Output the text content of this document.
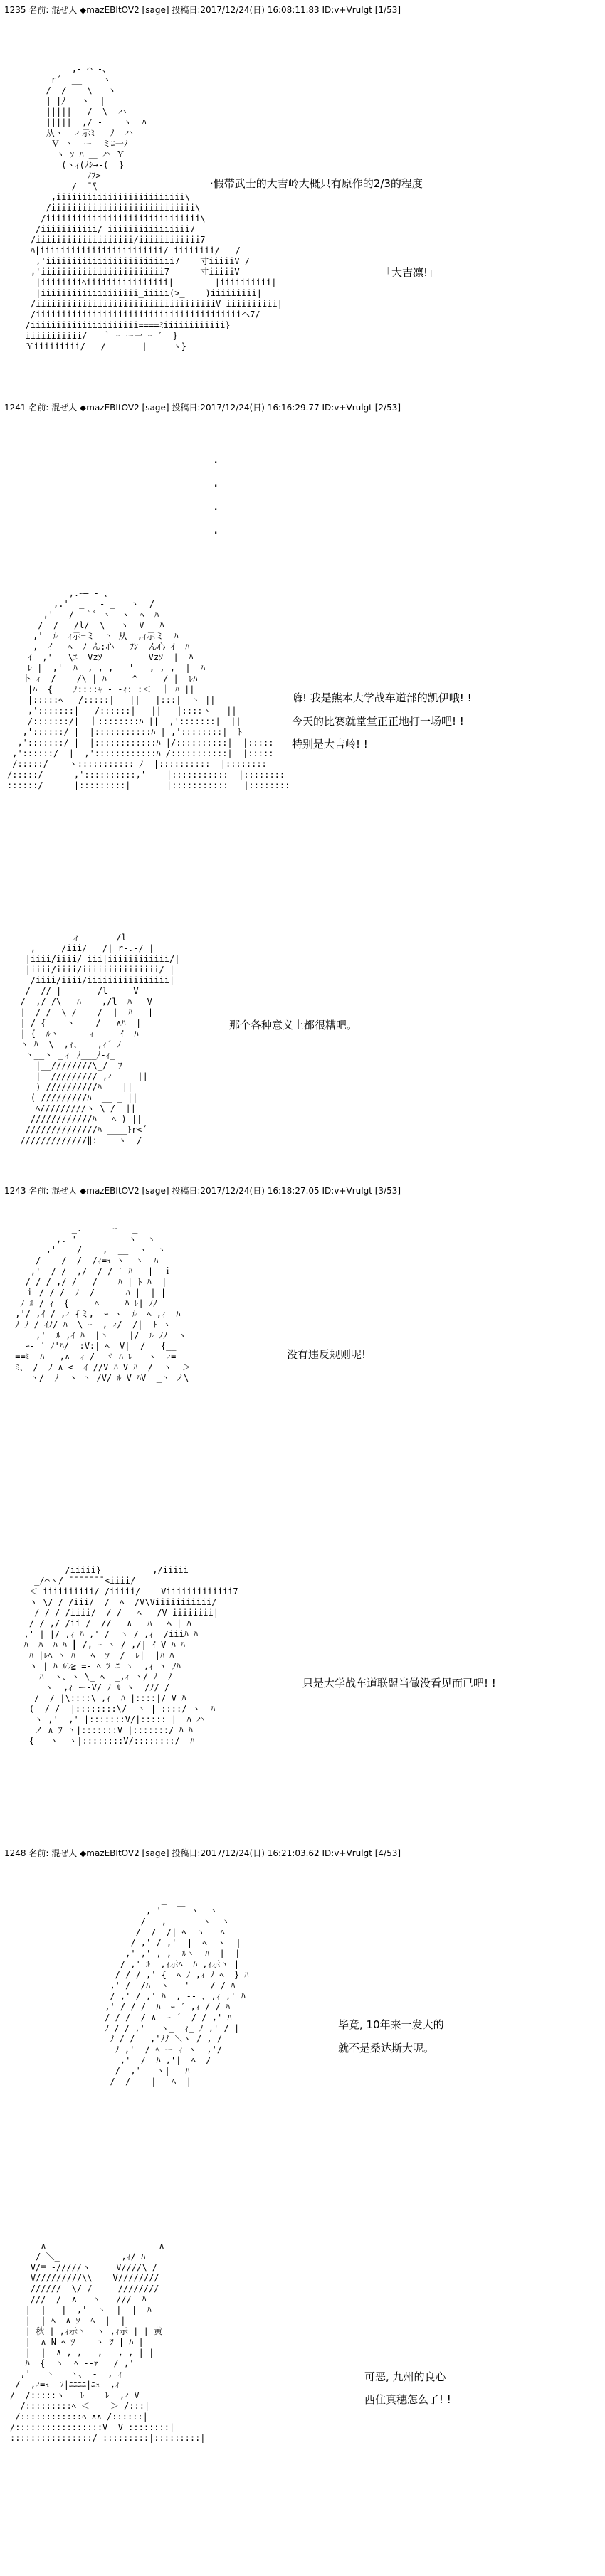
1235 名前: 混ぜ人 ◆mazEBItOV2 [sage] 投稿日:2017/12/24(日) 16:08:11.83 ID:v+Vrulgt [1/53]
,- ⌒ -、
r´  __    ヽ
/  /    \   ヽ
| |ﾉ   ヽ  |
|||||   /  \  ハ
|||||  ,/ -    ヽ  ﾊ
从ヽ  ィ示ﾐ   ﾉ  ハ
Ｖ ヽ  ー  ミﾆ一ﾉ
ヽ ｿ ﾊ ＿ ハ Ｙ
(ヽｨ(ﾉｼ→-(  }
ﾉﾌ>‐-
/  ̄ ̄\
,iiiiiiiiiiiiiiiiiiiiiiiii\
/iiiiiiiiiiiiiiiiiiiiiiiiiiii\
/iiiiiiiiiiiiiiiiiiiiiiiiiiiiii\
/iiiiiiiiiii/ iiiiiiiiiiiiiiii7
/iiiiiiiiiiiiiiiiiii/iiiiiiiiiiii7
ﾊ|iiiiiiiiiiiiiiiiiiiiiiii/ iiiiiiii/   /
,'iiiiiiiiiiiiiiiiiiiiiiiii7    寸iiiiiV /
,'iiiiiiiiiiiiiiiiiiiiiiii7      寸iiiiiV
|iiiiiiiiﾍiiiiiiiiiiiiiiii|        |iiiiiiiiii|
|iiiiiiiiiiiiiiiiiii_iiiii(>_    )iiiiiiiii|
/iiiiiiiiiiiiiiiiiiiiiiiiiiiiiiiiiiiV iiiiiiiiii|
/iiiiiiiiiiiiiiiiiiiiiiiiiiiiiiiiiiiiiiiiヘ7/
/iiiiiiiiiiiiiiiiiiiii====ﾐiiiiiiiiiiii}
iiiiiiiiiii/   ｀ ｰ ー一 ｰ ´  }
Ｙiiiiiiiii/   /       |     ヽ}
·假带武士的大吉岭大概只有原作的2/3的程度
「大吉凛!」
1241 名前: 混ぜ人 ◆mazEBItOV2 [sage] 投稿日:2017/12/24(日) 16:16:29.77 ID:v+Vrulgt [2/53]
.
.
.
.
,.ｰ― - 、
,.'  _   - _   ヽ  /
,'   /  ｀ﾞ ヽ  ヽ  ﾍ  ﾊ
/  /   /l/  \   ヽ  V   ﾊ
,'  ﾙ  ｨ示=ミ  ヽ 从  ,ｨ示ミ  ﾊ
,  ｲ   ﾍ  ﾉ ん:心   ﾌﾝ  ん心 ｲ  ﾊ
ｲ  ,'   \ｴ  Vzｿ         Vzｿ  |  ﾊ
ﾚ |  ,'  ﾊ  , , ,   '   , , ,  |  ﾊ
卜-ｨ  /    /\ | ﾊ     ^     / |  ﾚﾊ
|ﾊ  {    ﾉ::::ｬ - -ｨ: :＜  ｜ ﾊ ||
|:::::ﾍ   /:::::|   ||   |:::|  ヽ ||
,':::::::|   /::::::|   ||   |::::ヽ   ||
/:::::::/|  ｜::::::::ﾊ ||  ,':::::::|  ||
,'::::::/ |  |:::::::::::ﾊ | ,'::::::::|  ﾄ
,':::::::/ |  |::::::::::::ﾊ |/::::::::::|  |:::::
,'::::::/  |  ,'::::::::::::ﾊ /:::::::::::|  |:::::
/:::::/    ヽ::::::::::: ﾉ  |::::::::::  |::::::::
/:::::/      ,'::::::::::,'    |:::::::::::  |::::::::
::::::/      |:::::::::|       |:::::::::::   |::::::::
嗨! 我是熊本大学战车道部的凯伊哦! !
今天的比赛就堂堂正正地打一场吧! !
特别是大吉岭! !
ィ       /l
,     /iii/   /| r-.-/ |
|iiii/iiii/ iii|iiiiiiiiiiii/|
|iiii/iiii/iiiiiiiiiiiiiii/ |
/iiii/iiii/iiiiiiiiiiiiiiii|
/  // |       /l     V
/  ,/ /\   ﾊ    ,/l  ﾊ   V
|  / /  \ /    /  |  ﾊ   |
| / {    ヽ    /   ∧ﾊ  |
| {  ﾙヽ      ｨ     ｲ  ﾊ
ヽ ﾊ  \__,ｨ、__ ,ｨ´ ﾉ
ヽ__ヽ _ィ ﾉ___ﾉ-ｨ_
|__////////\_/  ﾌ
|__/////////_,ｨ     ||
) //////////ﾊ    ||
( /////////ﾊ  __ _ ||
ﾍ/////////ヽ \ /  ||
////////////ﾊ   ﾍ ) ||
//////////////ﾊ ____ﾄr<´
/////////////‖:____ヽ _/
那个各种意义上都很糟吧。
1243 名前: 混ぜ人 ◆mazEBItOV2 [sage] 投稿日:2017/12/24(日) 16:18:27.05 ID:v+Vrulgt [3/53]
_.  -‐  ｰ - _
,. '          ヽ  ヽ
,'    /    ,  __  ヽ  ヽ
/    /  /  /ｨ=ｭ ヽ  ヽ  ﾊ
,'  / /  ,/  / / ′ ﾊ   |  ｉ
/ / / ,/ /   /    ﾊ | ﾄ ﾊ  |
ｉ / / /  ﾉ  /      ﾊ |  | |
ﾉ ﾙ / ｨ  {     ﾍ     ﾊ ﾚ| ﾉﾉ
,'/ ,ｲ / ,ｨ {ミ,  ｰ ヽ  ﾙ  ﾍ ,ｨ  ﾊ
ﾉ ﾉ / ｲﾉ/ ﾊ  \ ｰ‐ , ｨ/  /|  ﾄ ヽ
,'  ﾙ ,ｲ ﾊ  |ヽ  _ |/  ﾙ ﾉﾉ  ヽ
ｰ‐ ´ ﾉ'ﾊ/  :V:| ﾍ  V|  /   {__
==ﾐ  ﾊ   ,∧  ｨ /  ヾ ﾊ ﾚ   ヽ  ｨ=-
ﾐ、 /  ﾉ ∧ <  ｲ //V ﾊ V ﾊ  /  ヽ  ＞
ヽ/  ﾉ  ヽ ヽ /V/ ﾙ V ﾊV  _ヽ ノ\
没有违反规则呢!
/iiiii}          ,/iiiii
_/⌒ヽ/ ̄ ̄ ̄ ̄ ̄ ̄ ̄ <iiii/
＜ iiiiiiiiii/ /iiiii/    Viiiiiiiiiiiii7
ヽ \/ / /iii/  /  ﾍ  /V\Viiiiiiiiiii/
/ / / /iiii/  / /   ﾍ   /V iiiiiiii|
/ / ,/ /ii /  //   ∧   ﾊ   ﾍ | ﾊ
,' | |/ ,ｨ ﾊ ,' /  ヽ / ,ｨ  /iiiﾊ ﾊ
ﾊ |ﾊ  ﾊ ﾊ ┃ /, ｰ ヽ / ,/| ｲ V ﾊ ﾊ
ﾊ |ﾚﾍ ヽ ﾊ   ﾍ  ﾂ  /  ﾚ|  |ﾊ ﾊ
ヽ | ﾊ ﾙﾚ≧ =- ﾍ ﾂ ﾆ ヽ  ,ｨ ヽ ﾉﾊ
ﾊ  ヽ、ヽ \_ ﾍ  _,ｨ ヽ/ ﾉ  ﾉ
ヽ  ,ｨ ー-V/ ﾉ ﾙ ヽ  /ﾉ/ /
/  / |\::::\ ,ｨ  ﾊ |::::|/ V ﾊ
(  / /  |::::::::\/  ヽ | ::::/ ヽ  ﾊ
ヽ ,'  ,' |:::::::V/|::::: |  ﾊ ハ
ノ ∧ ﾌ ヽ|:::::::V |:::::::/ ﾊ ﾊ
{   ヽ  ヽ|::::::::V/::::::::/  ﾊ
只是大学战车道联盟当做没看见而已吧! !
1248 名前: 混ぜ人 ◆mazEBItOV2 [sage] 投稿日:2017/12/24(日) 16:21:03.62 ID:v+Vrulgt [4/53]
_
, '   ￣ ヽ  ヽ
/   ,   -   ヽ  ヽ
/  /  /| ﾍ  ヽ   ﾍ
/ ,' / ,'  |  ﾍ  ヽ  |
,' ,' , ,  ﾙヽ  ﾊ  |  |
/ ,' ﾙ  ,ｨ示ﾍ  ﾊ ,ｨ示ヽ |
/ / / ,' {  ﾍ ﾉ ,ｨ ﾉ ﾍ  } ﾊ
,' /  /ﾊ  ヽ   '    / / ﾊ
/ ,' / ,' ﾊ  , -‐ ､ ,ｨ ,' ﾊ
,' / / /  ﾊ  ｰ ´ ,ｨ / / ﾊ
/ / /  / ∧  ｰ ´  / / ,' ﾊ
ﾉ / / ,'   ヽ_  ｨ_ ﾉ ,' / |
ﾉ / /   ,'ﾉﾉ ＼ヽ / , /
ﾉ ,'  / ﾍ ー ｨ ヽ  ,'/
,'  /  ﾊ ,'|  ﾍ  /
/  ,'   ヽ|   ﾊ
/  /    |   ﾍ  |
毕竟, 10年来一发大的
就不是桑达斯大呢。
∧                      ∧
/ ＼_            ,ｨ/ ﾊ
V/≡ -/////ヽ     V////\ /
V/////////\\    V////////
//////  \/ /     ////////
///  /  ∧   ヽ   ///  ﾊ
|  |   |  ,'  ヽ  |  |  ﾊ
|  | ﾍ  ∧ ﾂ  ﾍ  |  |
| 秋 | ,ｨ示ヽ  ヽ ,ｨ示 | | 黄
|  ∧ N ﾍ ﾂ    ヽ ﾂ | ﾊ |
|  |  ∧ , ,   ,   , , | |
ﾊ  {  ヽ  ﾍ ‐-ｧ   / ,'
,'   ヽ   ヽ、 -  , ｨ
/  ,ｨ=ｭ  ﾌ|ﾆﾆﾆﾆ|ﾆｭ  ,ｨ
/  /:::::ヽ   ﾚ    ﾚ  ,ｨ V
/:::::::::ﾍ ＜    ＞ /:::|
/::::::::::::ﾍ ∧∧ /::::::|
/:::::::::::::::::V  V ::::::::|
::::::::::::::::/|:::::::::|:::::::::|
可恶, 九州的良心
西住真穗怎么了! !
